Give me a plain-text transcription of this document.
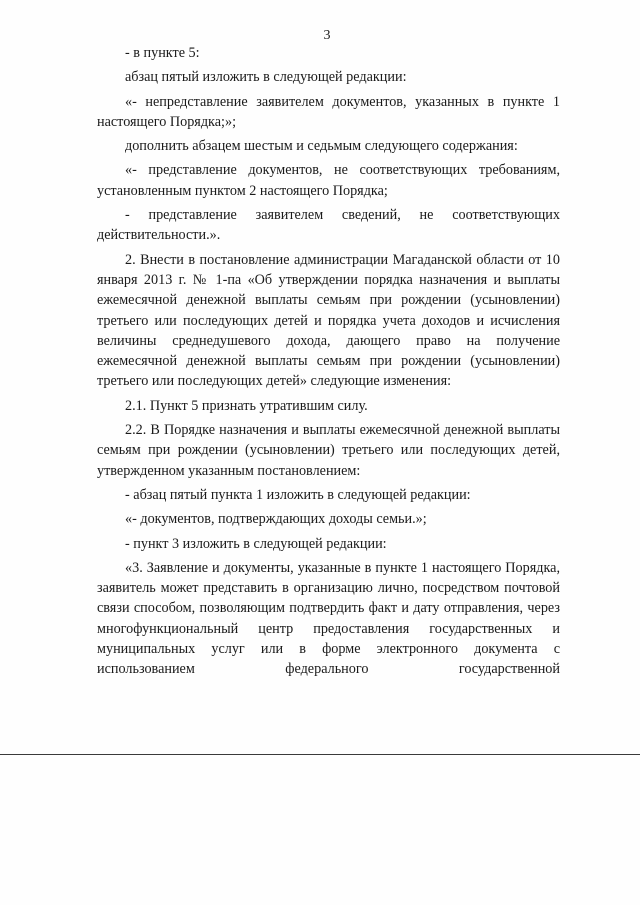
3

- в пункте 5:

абзац пятый изложить в следующей редакции:

«- непредставление заявителем документов, указанных в пункте 1 настоящего Порядка;»;

дополнить абзацем шестым и седьмым следующего содержания:

«- представление документов, не соответствующих требованиям, установленным пунктом 2 настоящего Порядка;

- представление заявителем сведений, не соответствующих действительности.».

2. Внести в постановление администрации Магаданской области от 10 января 2013 г. № 1-па «Об утверждении порядка назначения и выплаты ежемесячной денежной выплаты семьям при рождении (усыновлении) третьего или последующих детей и порядка учета доходов и исчисления величины среднедушевого дохода, дающего право на получение ежемесячной денежной выплаты семьям при рождении (усыновлении) третьего или последующих детей» следующие изменения:

2.1. Пункт 5 признать утратившим силу.

2.2. В Порядке назначения и выплаты ежемесячной денежной выплаты семьям при рождении (усыновлении) третьего или последующих детей, утвержденном указанным постановлением:

- абзац пятый пункта 1 изложить в следующей редакции:

«- документов, подтверждающих доходы семьи.»;

- пункт 3 изложить в следующей редакции:

«3. Заявление и документы, указанные в пункте 1 настоящего Порядка, заявитель может представить в организацию лично, посредством почтовой связи способом, позволяющим подтвердить факт и дату отправления, через многофункциональный центр предоставления государственных и муниципальных услуг или в форме электронного документа с использованием федерального государственной
